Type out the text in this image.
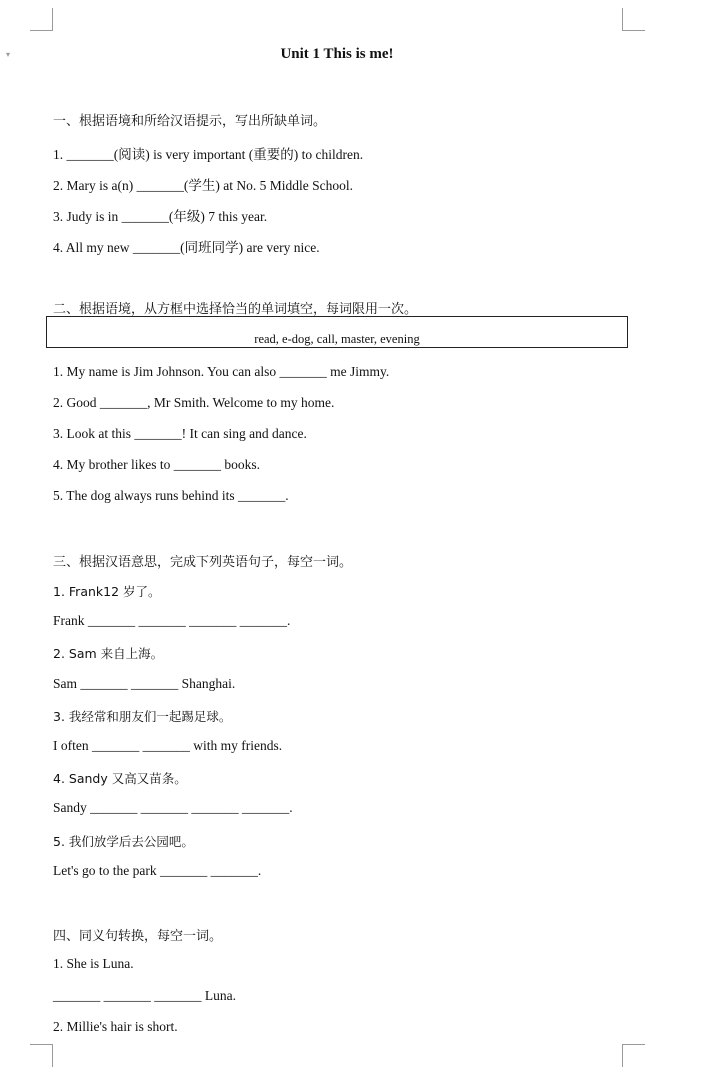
▾	Unit 1 This is me!
一、根据语境和所给汉语提示，写出所缺单词。
1. _______(阅读) is very important (重要的) to children.
2. Mary is a(n) _______(学生) at No. 5 Middle School.
3. Judy is in _______(年级) 7 this year.
4. All my new _______(同班同学) are very nice.
二、根据语境，从方框中选择恰当的单词填空，每词限用一次。
read, e-dog, call, master, evening
1. My name is Jim Johnson. You can also _______ me Jimmy.
2. Good _______, Mr Smith. Welcome to my home.
3. Look at this _______! It can sing and dance.
4. My brother likes to _______ books.
5. The dog always runs behind its _______.
三、根据汉语意思，完成下列英语句子，每空一词。
1. Frank12 岁了。
Frank _______ _______ _______ _______.
2. Sam 来自上海。
Sam _______ _______ Shanghai.
3. 我经常和朋友们一起踢足球。
I often _______ _______ with my friends.
4. Sandy 又高又苗条。
Sandy _______ _______ _______ _______.
5. 我们放学后去公园吧。
Let's go to the park _______ _______.
四、同义句转换，每空一词。
1. She is Luna.
_______ _______ _______ Luna.
2. Millie's hair is short.
